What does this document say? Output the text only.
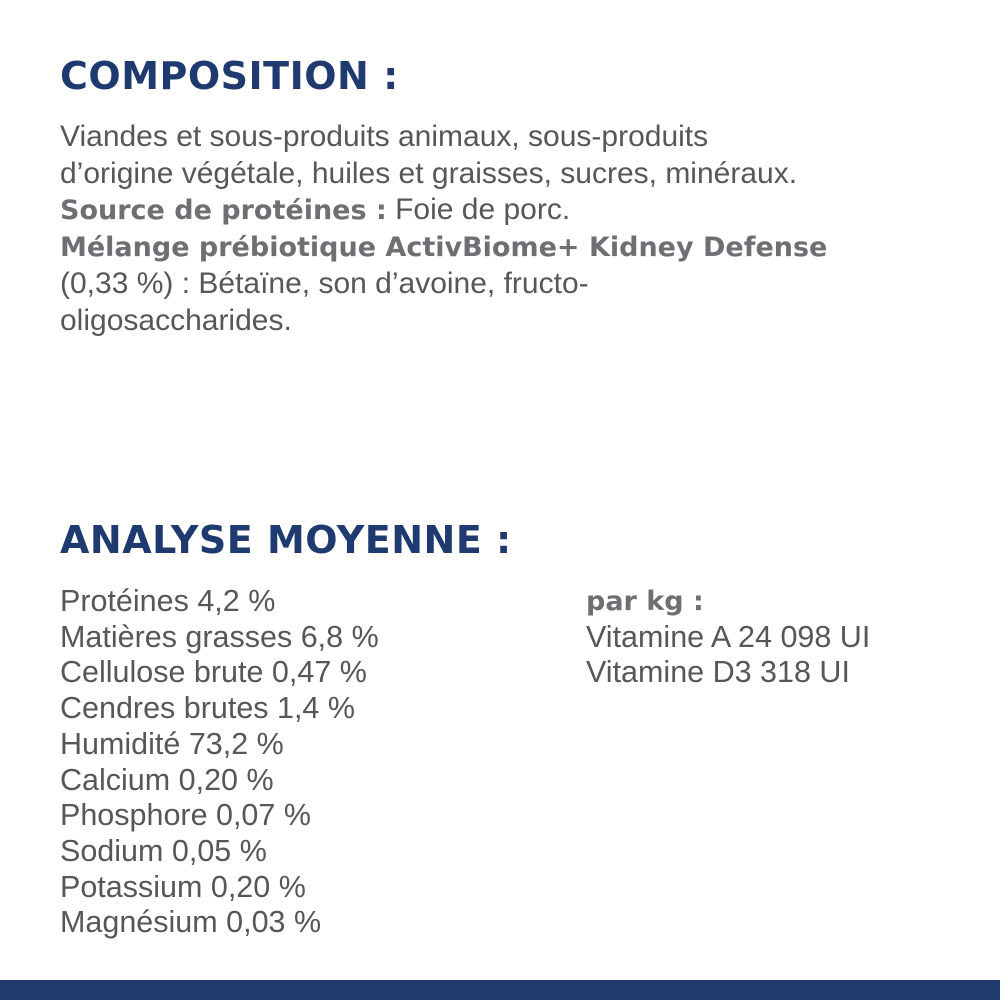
COMPOSITION :
Viandes et sous-produits animaux, sous-produits
d’origine végétale, huiles et graisses, sucres, minéraux.
Source de protéines : Foie de porc.
Mélange prébiotique ActivBiome+ Kidney Defense
(0,33 %) : Bétaïne, son d’avoine, fructo-
oligosaccharides.
ANALYSE MOYENNE :
Protéines 4,2 %
Matières grasses 6,8 %
Cellulose brute 0,47 %
Cendres brutes 1,4 %
Humidité 73,2 %
Calcium 0,20 %
Phosphore 0,07 %
Sodium 0,05 %
Potassium 0,20 %
Magnésium 0,03 %
par kg :
Vitamine A 24 098 UI
Vitamine D3 318 UI
